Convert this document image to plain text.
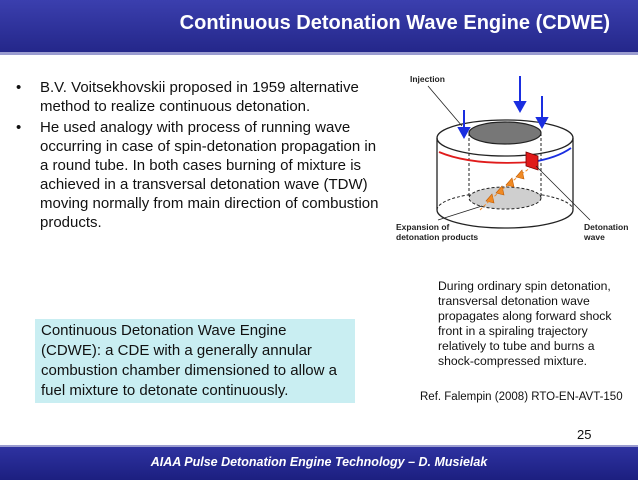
Continuous Detonation Wave Engine (CDWE)
• B.V. Voitsekhovskii proposed in 1959 alternative method to realize continuous detonation.
• He used analogy with process of running wave occurring in case of spin-detonation propagation in a round tube. In both cases burning of mixture is achieved in a transversal detonation wave (TDW) moving normally from main direction of combustion products.
Injection
Expansion of
detonation products
Detonation
wave
During ordinary spin detonation, transversal detonation wave propagates along forward shock front in a spiraling trajectory relatively to tube and burns a shock-compressed mixture.
Continuous Detonation Wave Engine (CDWE): a CDE with a generally annular combustion chamber dimensioned to allow a fuel mixture to detonate continuously.	Ref. Falempin (2008) RTO-EN-AVT-150
25
AIAA Pulse Detonation Engine Technology – D. Musielak
